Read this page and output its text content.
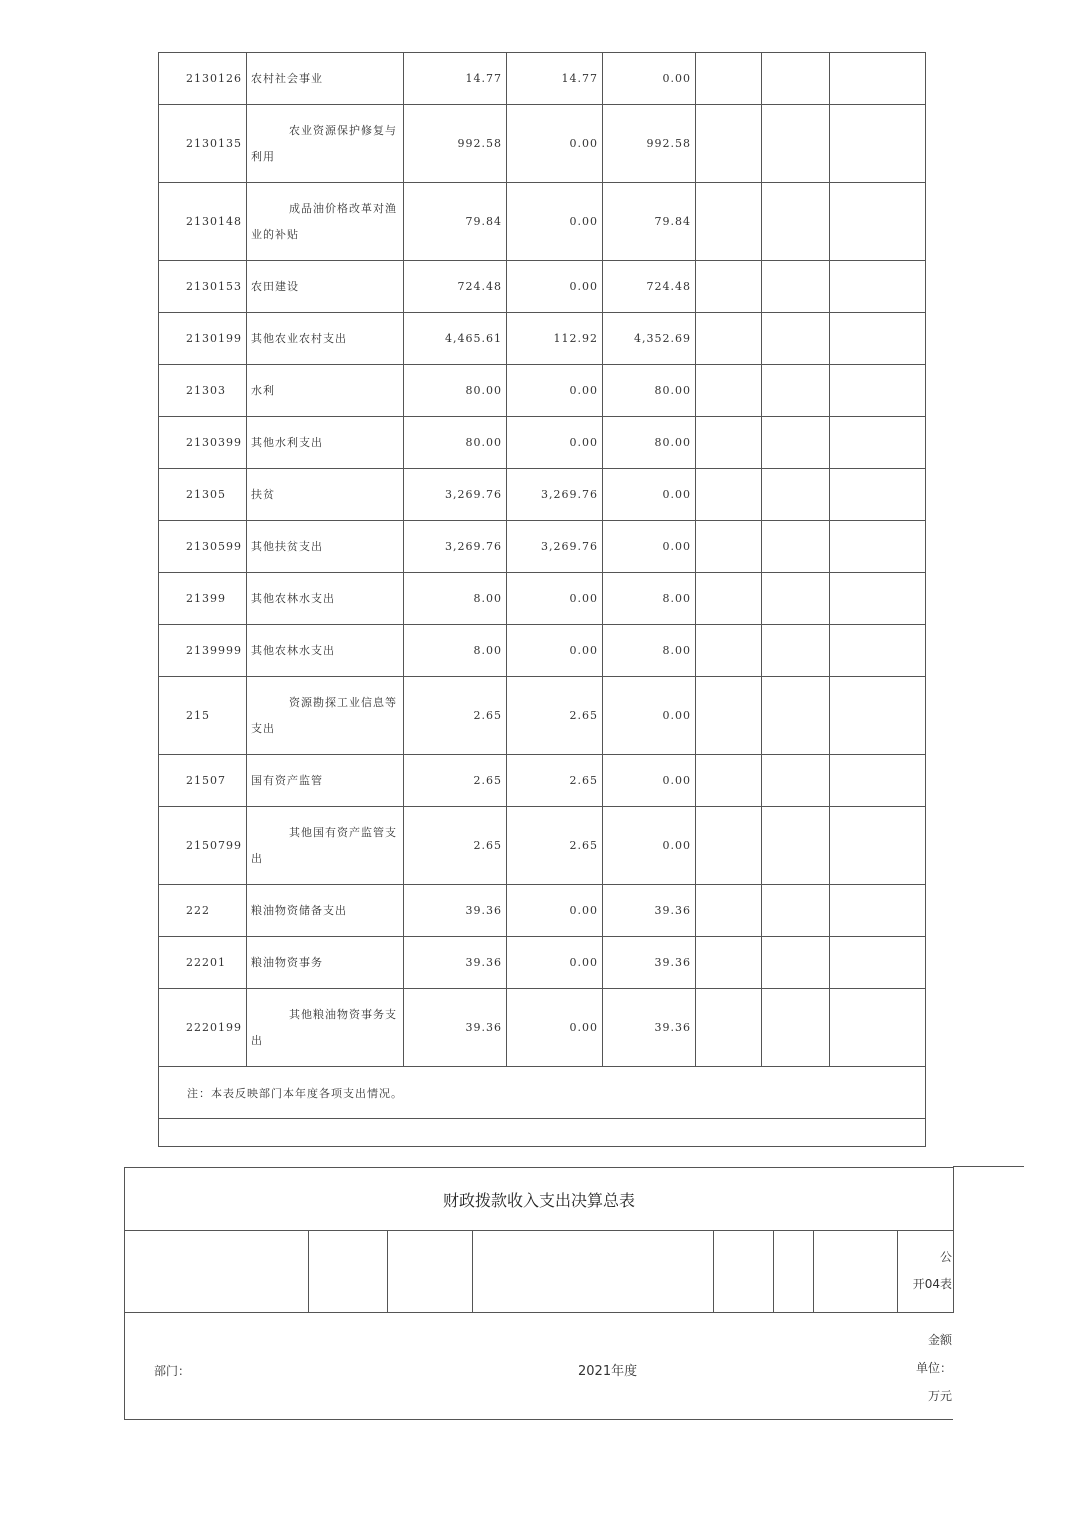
2130126	农村社会事业	14.77	14.77	0.00			
2130135	农业资源保护修复与利用	992.58	0.00	992.58			
2130148	成品油价格改革对渔业的补贴	79.84	0.00	79.84			
2130153	农田建设	724.48	0.00	724.48			
2130199	其他农业农村支出	4,465.61	112.92	4,352.69			
21303	水利	80.00	0.00	80.00			
2130399	其他水利支出	80.00	0.00	80.00			
21305	扶贫	3,269.76	3,269.76	0.00			
2130599	其他扶贫支出	3,269.76	3,269.76	0.00			
21399	其他农林水支出	8.00	0.00	8.00			
2139999	其他农林水支出	8.00	0.00	8.00			
215	资源勘探工业信息等支出	2.65	2.65	0.00			
21507	国有资产监管	2.65	2.65	0.00			
2150799	其他国有资产监管支出	2.65	2.65	0.00			
222	粮油物资储备支出	39.36	0.00	39.36			
22201	粮油物资事务	39.36	0.00	39.36			
2220199	其他粮油物资事务支出	39.36	0.00	39.36			
注：本表反映部门本年度各项支出情况。							

财政拨款收入支出决算总表
公
开04表
部门：	2021年度
金额
单位：
万元
